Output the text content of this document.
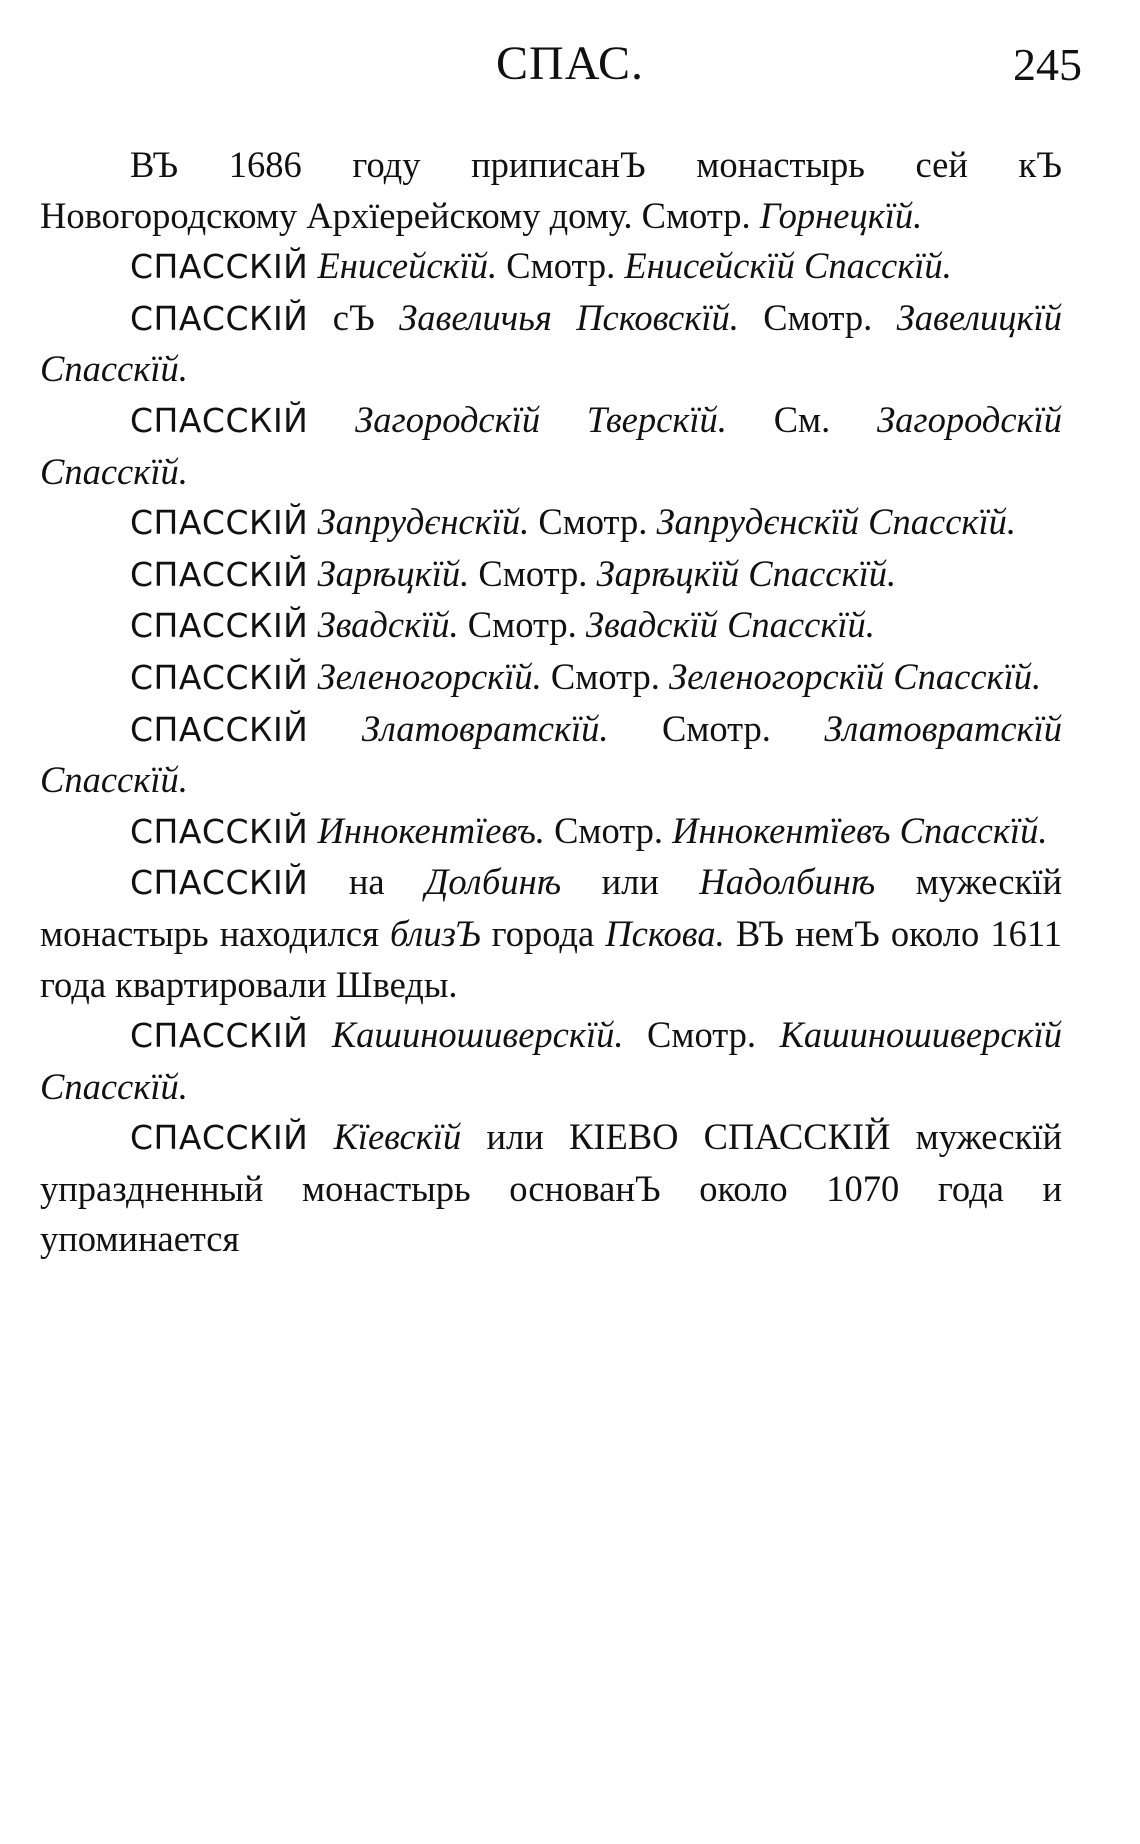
СПАС.	245

ВЪ 1686 году приписанЪ монастырь сей кЪ Новогородскому Архїерейскому дому. Смотр. Горнецкїй.

СПАССКІЙ Енисейскїй. Смотр. Енисейскїй Спасскїй.

СПАССКІЙ сЪ Завеличья Псковскїй. Смотр. Завелицкїй Спасскїй.

СПАССКІЙ Загородскїй Тверскїй. См. Загородскїй Спасскїй.

СПАССКІЙ Запрудєнскїй. Смотр. Запрудєнскїй Спасскїй.

СПАССКІЙ Зарѣцкїй. Смотр. Зарѣцкїй Спасскїй.

СПАССКІЙ Звадскїй. Смотр. Звадскїй Спасскїй.

СПАССКІЙ Зеленогорскїй. Смотр. Зеленогорскїй Спасскїй.

СПАССКІЙ Златовратскїй. Смотр. Златовратскїй Спасскїй.

СПАССКІЙ Иннокентїевъ. Смотр. Иннокентїевъ Спасскїй.

СПАССКІЙ на Долбинѣ или Надолбинѣ мужескїй монастырь находился близЪ города Пскова. ВЪ немЪ около 1611 года квартировали Шведы.

СПАССКІЙ Кашиношиверскїй. Смотр. Кашиношиверскїй Спасскїй.

СПАССКІЙ Кїевскїй или КІЕВО СПАССКІЙ мужескїй упраздненный монастырь основанЪ около 1070 года и упоминается
